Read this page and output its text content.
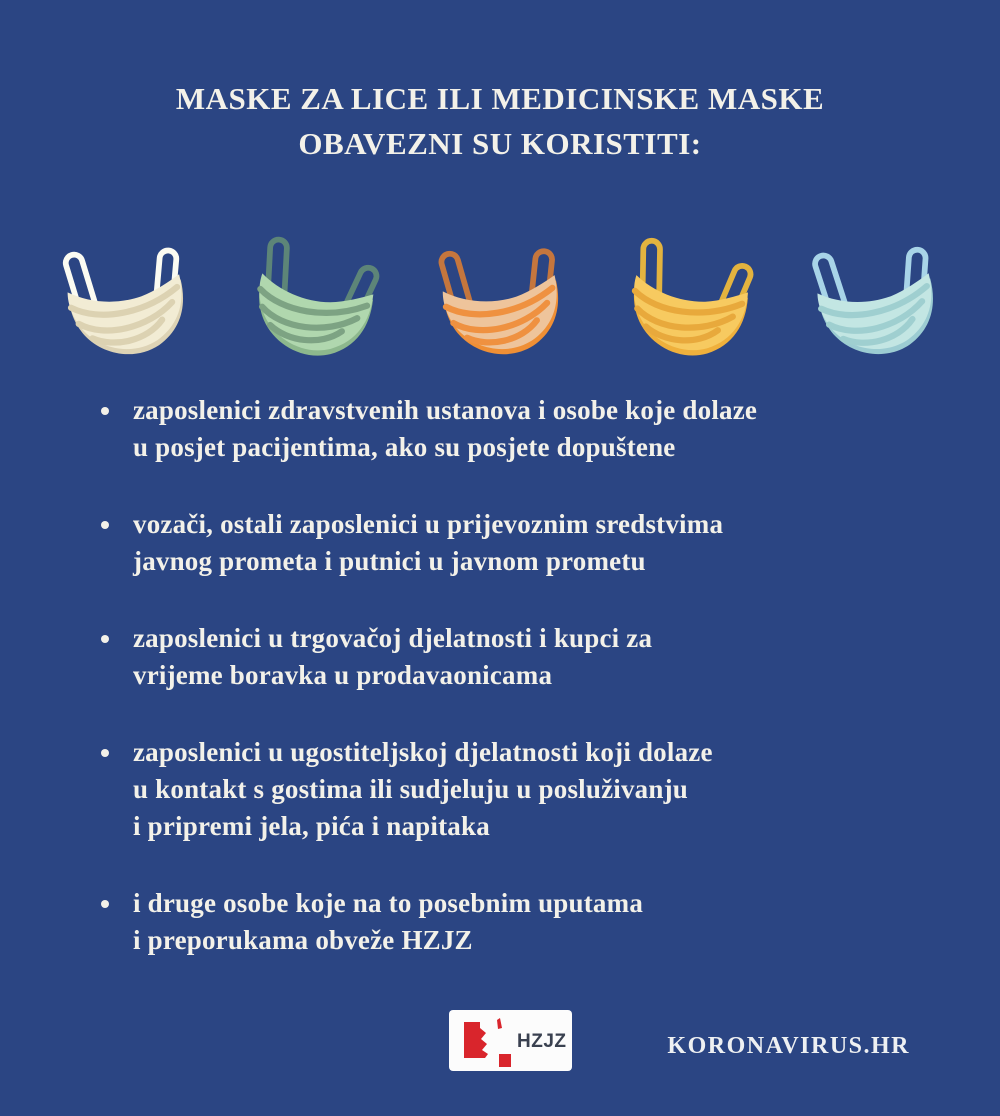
MASKE ZA LICE ILI MEDICINSKE MASKE
OBAVEZNI SU KORISTITI:
zaposlenici zdravstvenih ustanova i osobe koje dolaze
u posjet pacijentima, ako su posjete dopuštene
vozači, ostali zaposlenici u prijevoznim sredstvima
javnog prometa i putnici u javnom prometu
zaposlenici u trgovačoj djelatnosti i kupci za
vrijeme boravka u prodavaonicama
zaposlenici u ugostiteljskoj djelatnosti koji dolaze
u kontakt s gostima ili sudjeluju u posluživanju
i pripremi jela, pića i napitaka
i druge osobe koje na to posebnim uputama
i preporukama obveže HZJZ
HZJZ	KORONAVIRUS.HR
